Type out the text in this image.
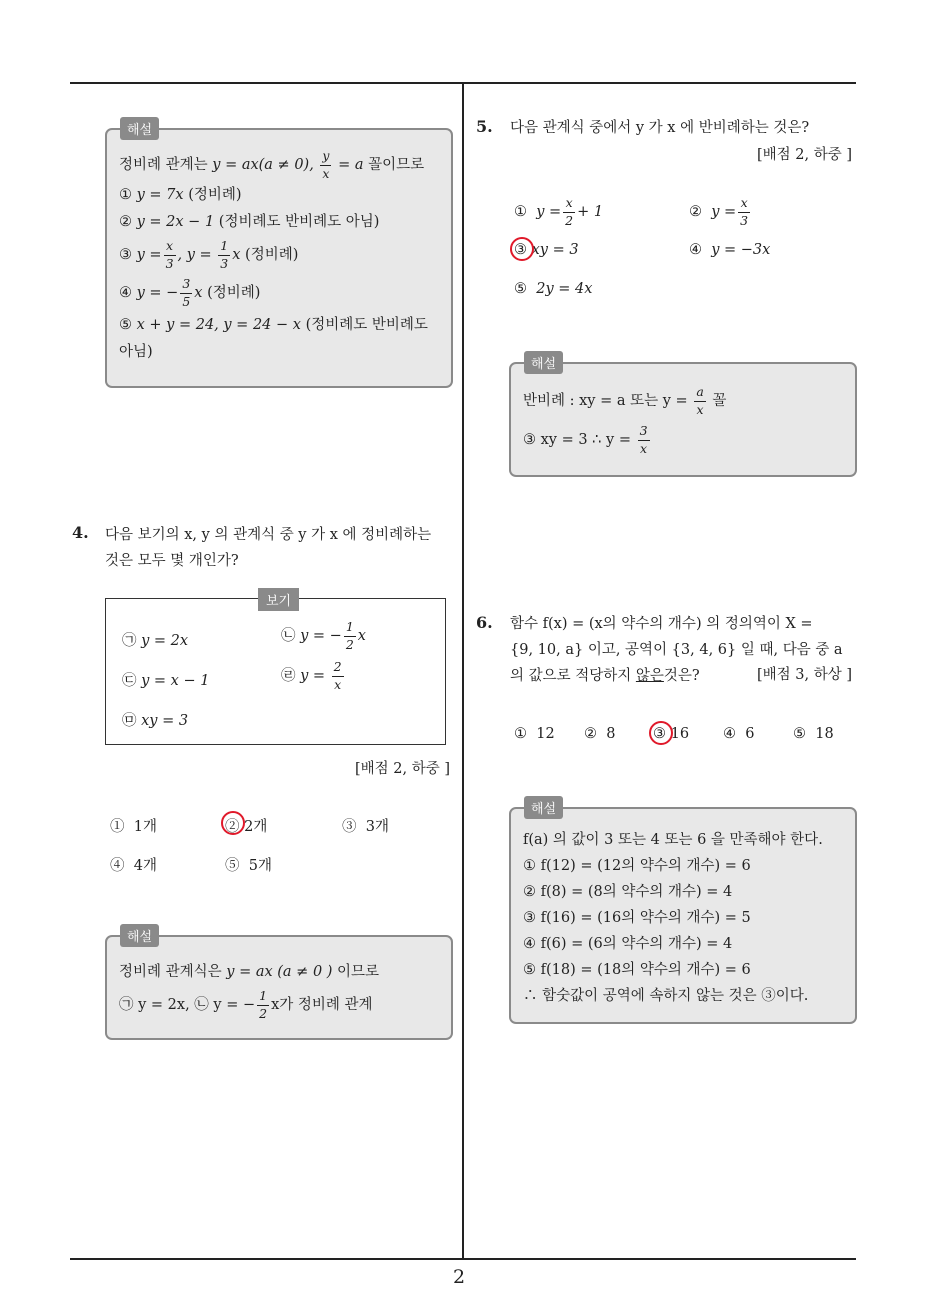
2
해설
정비례 관계는 y = ax(a ≠ 0), $\frac{y}{x} = a$ 꼴이므로
① y = 7x (정비례)
② y = 2x − 1 (정비례도 반비례도 아님)
③ $y = \frac{x}{3}$ , $y = \frac{1}{3}$ x (정비례)
④ y = − $\frac{3}{5}$ x (정비례)
⑤ x + y = 24, y = 24 − x (정비례도 반비례도
아님)
4. 다음 보기의 x, y 의 관계식 중 y 가 x 에 정비례하는
것은 모두 몇 개인가?
보기
㉠ y = 2x	㉡ y = − $\frac{1}{2}$ x
㉢ y = x − 1	㉣ $y = \frac{2}{x}$
㉤ xy = 3
[배점 2, 하중 ]
① 1개	② 2개	③ 3개
④ 4개	⑤ 5개
해설
정비례 관계식은 y = ax (a ≠ 0 ) 이므로
㉠ y = 2x, ㉡ y = − $\frac{1}{2}$ x가 정비례 관계
5. 다음 관계식 중에서 y 가 x 에 반비례하는 것은?
[배점 2, 하중 ]
① $y = \frac{x}{2} + 1$	② $y = \frac{x}{3}$
③ xy = 3	④ y = −3x
⑤ 2y = 4x
해설
반비례 : xy = a 또는 $y = \frac{a}{x}$ 꼴
③ xy = 3 ∴ $y = \frac{3}{x}$
6. 함수 f(x) = (x의 약수의 개수) 의 정의역이 X =
{9, 10, a} 이고, 공역이 {3, 4, 6} 일 때, 다음 중 a
의 값으로 적당하지 않은것은?	[배점 3, 하상 ]
① 12 ② 8	③ 16 ④ 6	⑤ 18
해설
f(a) 의 값이 3 또는 4 또는 6 을 만족해야 한다.
① f(12) = (12의 약수의 개수) = 6
② f(8) = (8의 약수의 개수) = 4
③ f(16) = (16의 약수의 개수) = 5
④ f(6) = (6의 약수의 개수) = 4
⑤ f(18) = (18의 약수의 개수) = 6
∴ 함숫값이 공역에 속하지 않는 것은 ③이다.
